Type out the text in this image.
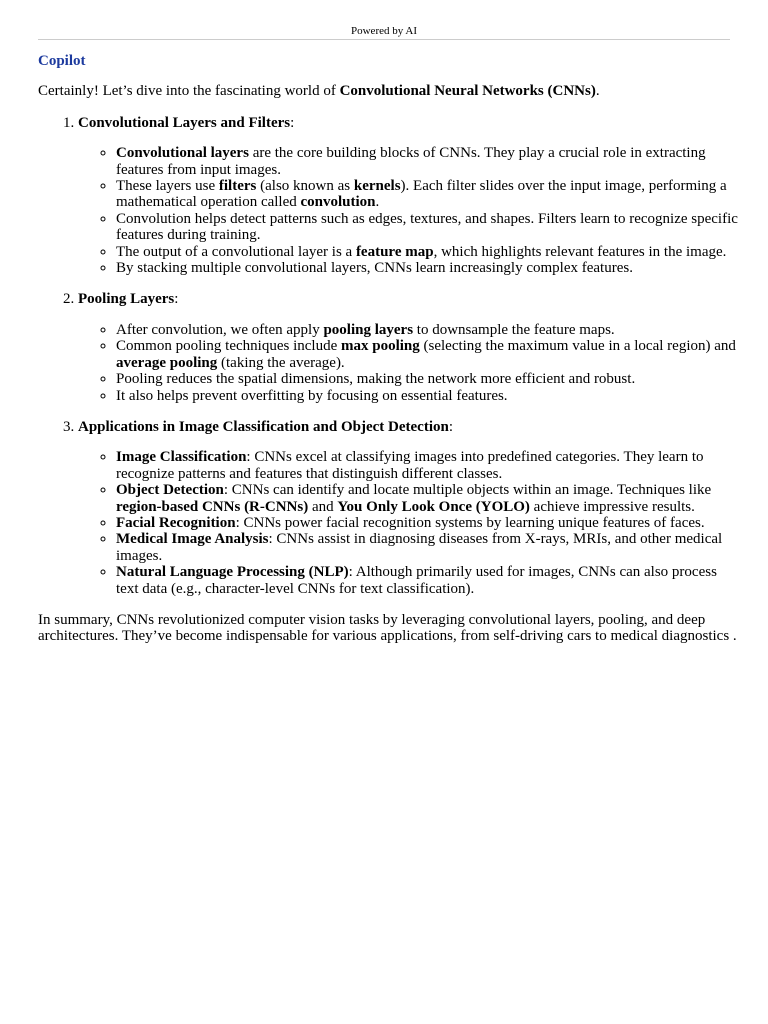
Powered by AI
Copilot

Certainly! Let’s dive into the fascinating world of Convolutional Neural Networks (CNNs).

1. Convolutional Layers and Filters:
◦ Convolutional layers are the core building blocks of CNNs. They play a crucial role in extracting features from input images.
◦ These layers use filters (also known as kernels). Each filter slides over the input image, performing a mathematical operation called convolution.
◦ Convolution helps detect patterns such as edges, textures, and shapes. Filters learn to recognize specific features during training.
◦ The output of a convolutional layer is a feature map, which highlights relevant features in the image.
◦ By stacking multiple convolutional layers, CNNs learn increasingly complex features.
2. Pooling Layers:
◦ After convolution, we often apply pooling layers to downsample the feature maps.
◦ Common pooling techniques include max pooling (selecting the maximum value in a local region) and average pooling (taking the average).
◦ Pooling reduces the spatial dimensions, making the network more efficient and robust.
◦ It also helps prevent overfitting by focusing on essential features.
3. Applications in Image Classification and Object Detection:
◦ Image Classification: CNNs excel at classifying images into predefined categories. They learn to recognize patterns and features that distinguish different classes.
◦ Object Detection: CNNs can identify and locate multiple objects within an image. Techniques like region-based CNNs (R-CNNs) and You Only Look Once (YOLO) achieve impressive results.
◦ Facial Recognition: CNNs power facial recognition systems by learning unique features of faces.
◦ Medical Image Analysis: CNNs assist in diagnosing diseases from X-rays, MRIs, and other medical images.
◦ Natural Language Processing (NLP): Although primarily used for images, CNNs can also process text data (e.g., character-level CNNs for text classification).

In summary, CNNs revolutionized computer vision tasks by leveraging convolutional layers, pooling, and deep architectures. They’ve become indispensable for various applications, from self-driving cars to medical diagnostics .
